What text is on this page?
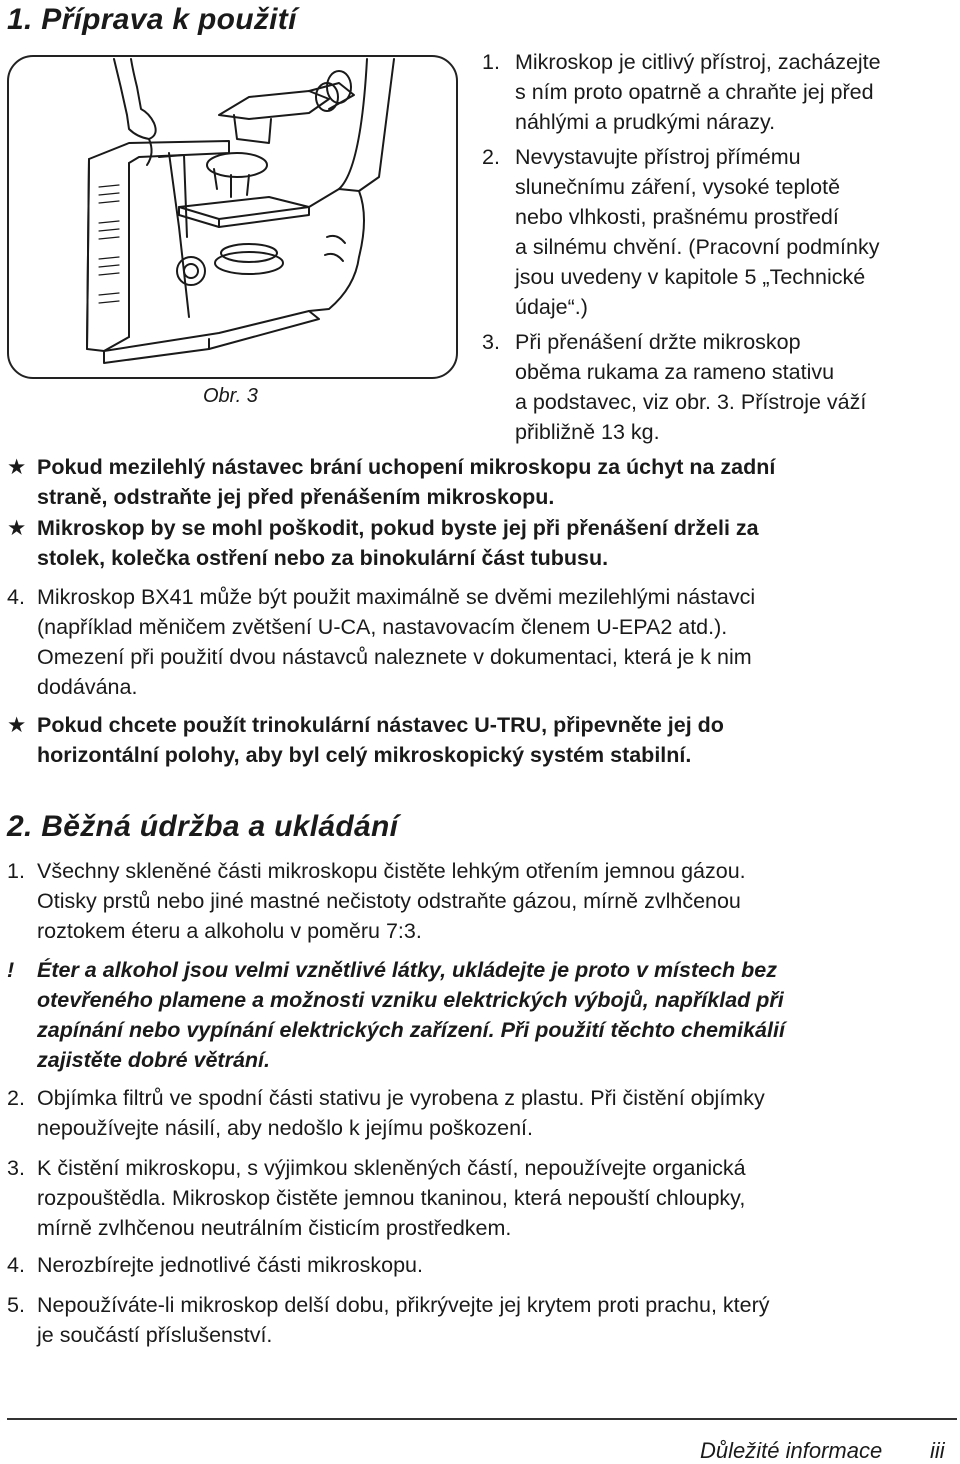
1. Příprava k použití
Obr. 3
1. Mikroskop je citlivý přístroj, zacházejte
s ním proto opatrně a chraňte jej před
náhlými a prudkými nárazy.
2. Nevystavujte přístroj přímému
slunečnímu záření, vysoké teplotě
nebo vlhkosti, prašnému prostředí
a silnému chvění. (Pracovní podmínky
jsou uvedeny v kapitole 5 „Technické
údaje“.)
3. Při přenášení držte mikroskop
oběma rukama za rameno stativu
a podstavec, viz obr. 3. Přístroje váží
přibližně 13 kg.
★ Pokud mezilehlý nástavec brání uchopení mikroskopu za úchyt na zadní
straně, odstraňte jej před přenášením mikroskopu.
★ Mikroskop by se mohl poškodit, pokud byste jej při přenášení drželi za
stolek, kolečka ostření nebo za binokulární část tubusu.
4. Mikroskop BX41 může být použit maximálně se dvěmi mezilehlými nástavci
(například měničem zvětšení U-CA, nastavovacím členem U-EPA2 atd.).
Omezení při použití dvou nástavců naleznete v dokumentaci, která je k nim
dodávána.
★ Pokud chcete použít trinokulární nástavec U-TRU, připevněte jej do
horizontální polohy, aby byl celý mikroskopický systém stabilní.
2. Běžná údržba a ukládání
1. Všechny skleněné části mikroskopu čistěte lehkým otřením jemnou gázou.
Otisky prstů nebo jiné mastné nečistoty odstraňte gázou, mírně zvlhčenou
roztokem éteru a alkoholu v poměru 7:3.
! Éter a alkohol jsou velmi vznětlivé látky, ukládejte je proto v místech bez
otevřeného plamene a možnosti vzniku elektrických výbojů, například při
zapínání nebo vypínání elektrických zařízení. Při použití těchto chemikálií
zajistěte dobré větrání.
2. Objímka filtrů ve spodní části stativu je vyrobena z plastu. Při čistění objímky
nepoužívejte násilí, aby nedošlo k jejímu poškození.
3. K čistění mikroskopu, s výjimkou skleněných částí, nepoužívejte organická
rozpouštědla. Mikroskop čistěte jemnou tkaninou, která nepouští chloupky,
mírně zvlhčenou neutrálním čisticím prostředkem.
4. Nerozbírejte jednotlivé části mikroskopu.
5. Nepoužíváte-li mikroskop delší dobu, přikrývejte jej krytem proti prachu, který
je součástí příslušenství.
Důležité informace iii
